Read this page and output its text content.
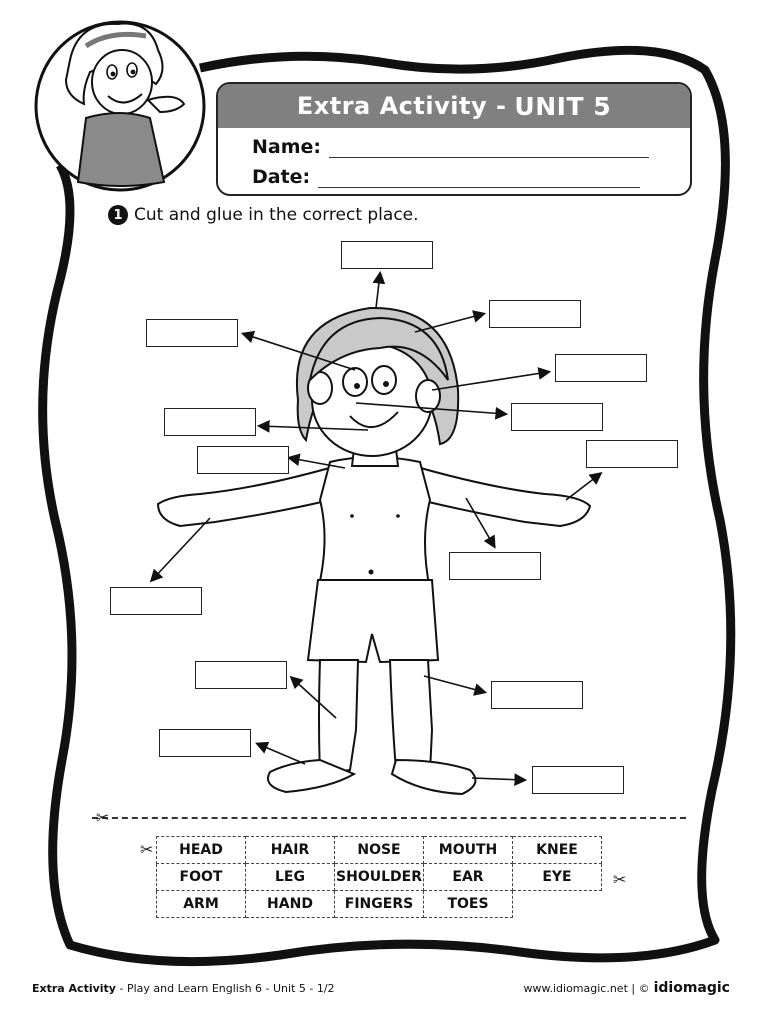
Extra Activity - UNIT 5
Name:
Date:
1 Cut and glue in the correct place.
✂
✂
✂
HEAD	HAIR	NOSE	MOUTH	KNEE
FOOT	LEG	SHOULDER	EAR	EYE
ARM	HAND	FINGERS	TOES	
Extra Activity - Play and Learn English 6 - Unit 5 - 1/2	www.idiomagic.net | © idiomagic
